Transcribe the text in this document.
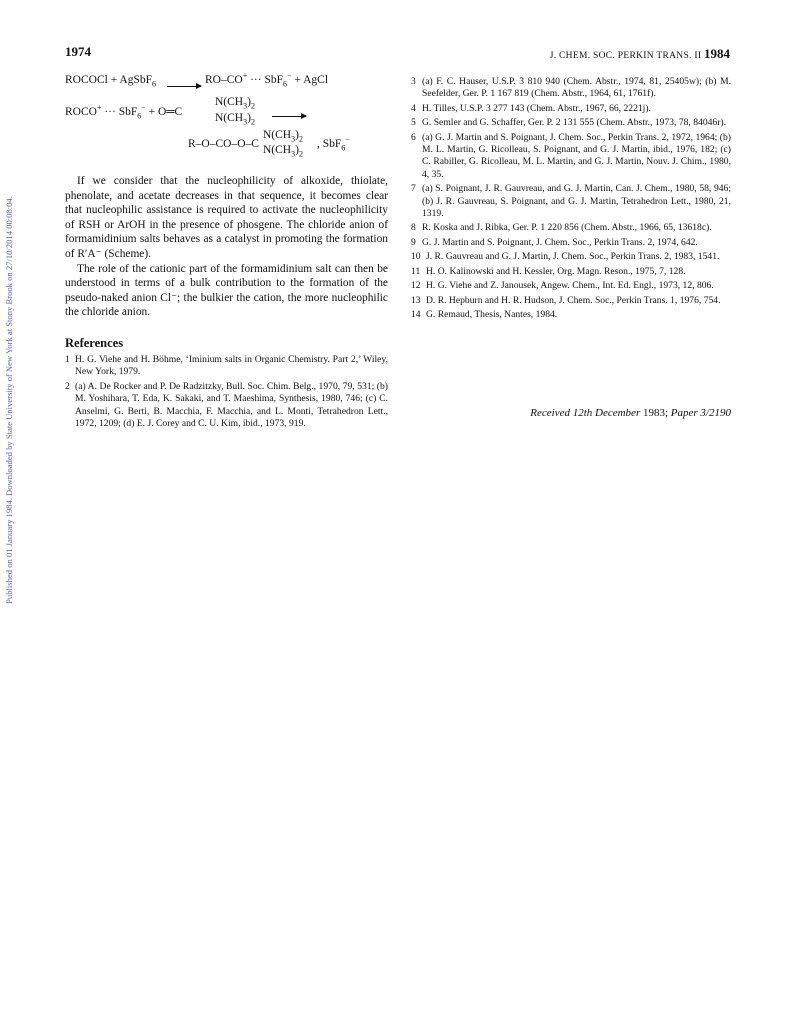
Published on 01 January 1984. Downloaded by State University of New York at Stony Brook on 27/10/2014 00:08:04.
1974	J. CHEM. SOC. PERKIN TRANS. II 1984
ROCOCl + AgSbF$_6$	RO–CO+ ··· SbF$_6$− + AgCl
ROCO+ ··· SbF$_6$− + O═C
$N(CH_3)_2$
$N(CH_3)_2$
R–O–CO–O–C
$N(CH_3)_2$
$N(CH_3)_2$
, SbF$_6$−

If we consider that the nucleophilicity of alkoxide, thiolate, phenolate, and acetate decreases in that sequence, it becomes clear that nucleophilic assistance is required to activate the nucleophilicity of RSH or ArOH in the presence of phosgene. The chloride anion of formamidinium salts behaves as a catalyst in promoting the formation of R′A⁻ (Scheme).

The role of the cationic part of the formamidinium salt can then be understood in terms of a bulk contribution to the formation of the pseudo-naked anion Cl⁻; the bulkier the cation, the more nucleophilic the chloride anion.

References
1 H. G. Viehe and H. Böhme, ‘Iminium salts in Organic Chemistry. Part 2,’ Wiley, New York, 1979.
2 (a) A. De Rocker and P. De Radzitzky, Bull. Soc. Chim. Belg., 1970, 79, 531; (b) M. Yoshihara, T. Eda, K. Sakaki, and T. Maeshima, Synthesis, 1980, 746; (c) C. Anselmi, G. Berti, B. Macchia, F. Macchia, and L. Monti, Tetrahedron Lett., 1972, 1209; (d) E. J. Corey and C. U. Kim, ibid., 1973, 919.
3 (a) F. C. Hauser, U.S.P. 3 810 940 (Chem. Abstr., 1974, 81, 25405w); (b) M. Seefelder, Ger. P. 1 167 819 (Chem. Abstr., 1964, 61, 1761f).
4 H. Tilles, U.S.P. 3 277 143 (Chem. Abstr., 1967, 66, 2221j).
5 G. Semler and G. Schaffer, Ger. P. 2 131 555 (Chem. Abstr., 1973, 78, 84046r).
6 (a) G. J. Martin and S. Poignant, J. Chem. Soc., Perkin Trans. 2, 1972, 1964; (b) M. L. Martin, G. Ricolleau, S. Poignant, and G. J. Martin, ibid., 1976, 182; (c) C. Rabiller, G. Ricolleau, M. L. Martin, and G. J. Martin, Nouv. J. Chim., 1980, 4, 35.
7 (a) S. Poignant, J. R. Gauvreau, and G. J. Martin, Can. J. Chem., 1980, 58, 946; (b) J. R. Gauvreau, S. Poignant, and G. J. Martin, Tetrahedron Lett., 1980, 21, 1319.
8 R. Koska and J. Ribka, Ger. P. 1 220 856 (Chem. Abstr., 1966, 65, 13618c).
9 G. J. Martin and S. Poignant, J. Chem. Soc., Perkin Trans. 2, 1974, 642.
10 J. R. Gauvreau and G. J. Martin, J. Chem. Soc., Perkin Trans. 2, 1983, 1541.
11 H. O. Kalinowski and H. Kessler, Org. Magn. Reson., 1975, 7, 128.
12 H. G. Viehe and Z. Janousek, Angew. Chem., Int. Ed. Engl., 1973, 12, 806.
13 D. R. Hepburn and H. R. Hudson, J. Chem. Soc., Perkin Trans. 1, 1976, 754.
14 G. Remaud, Thesis, Nantes, 1984.
Received 12th December 1983; Paper 3/2190
